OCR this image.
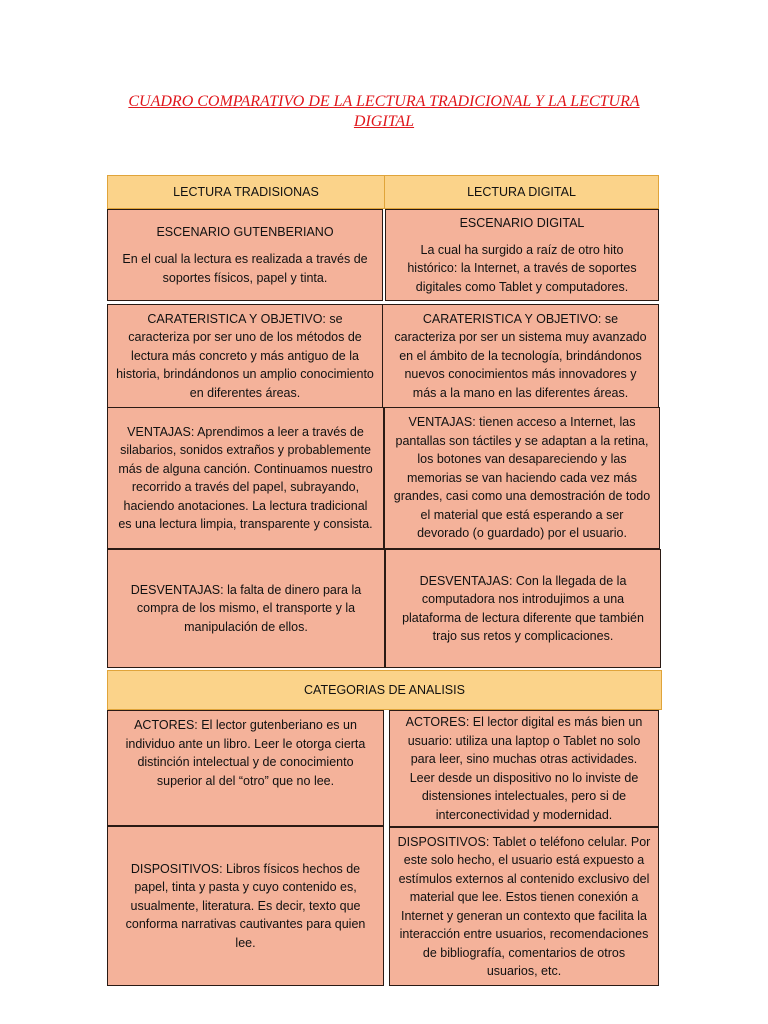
CUADRO COMPARATIVO DE LA LECTURA TRADICIONAL Y LA LECTURA DIGITAL

LECTURA TRADISIONAS	LECTURA DIGITAL

ESCENARIO GUTENBERIANO

En el cual la lectura es realizada a través de soportes físicos, papel y tinta.

ESCENARIO DIGITAL

La cual ha surgido a raíz de otro hito histórico: la Internet, a través de soportes digitales como Tablet y computadores.

CARATERISTICA Y OBJETIVO: se caracteriza por ser uno de los métodos de lectura más concreto y más antiguo de la historia, brindándonos un amplio conocimiento en diferentes áreas.

CARATERISTICA Y OBJETIVO: se caracteriza por ser un sistema muy avanzado en el ámbito de la tecnología, brindándonos nuevos conocimientos más innovadores y más a la mano en las diferentes áreas.

VENTAJAS: Aprendimos a leer a través de silabarios, sonidos extraños y probablemente más de alguna canción. Continuamos nuestro recorrido a través del papel, subrayando, haciendo anotaciones. La lectura tradicional es una lectura limpia, transparente y consista.

VENTAJAS: tienen acceso a Internet, las pantallas son táctiles y se adaptan a la retina, los botones van desapareciendo y las memorias se van haciendo cada vez más grandes, casi como una demostración de todo el material que está esperando a ser devorado (o guardado) por el usuario.

DESVENTAJAS: la falta de dinero para la compra de los mismo, el transporte y la manipulación de ellos.

DESVENTAJAS: Con la llegada de la computadora nos introdujimos a una plataforma de lectura diferente que también trajo sus retos y complicaciones.

CATEGORIAS DE ANALISIS

ACTORES: El lector gutenberiano es un individuo ante un libro. Leer le otorga cierta distinción intelectual y de conocimiento superior al del “otro” que no lee.

ACTORES: El lector digital es más bien un usuario: utiliza una laptop o Tablet no solo para leer, sino muchas otras actividades. Leer desde un dispositivo no lo inviste de distensiones intelectuales, pero si de interconectividad y modernidad.

DISPOSITIVOS: Libros físicos hechos de papel, tinta y pasta y cuyo contenido es, usualmente, literatura. Es decir, texto que conforma narrativas cautivantes para quien lee.

DISPOSITIVOS: Tablet o teléfono celular. Por este solo hecho, el usuario está expuesto a estímulos externos al contenido exclusivo del material que lee. Estos tienen conexión a Internet y generan un contexto que facilita la interacción entre usuarios, recomendaciones de bibliografía, comentarios de otros usuarios, etc.
